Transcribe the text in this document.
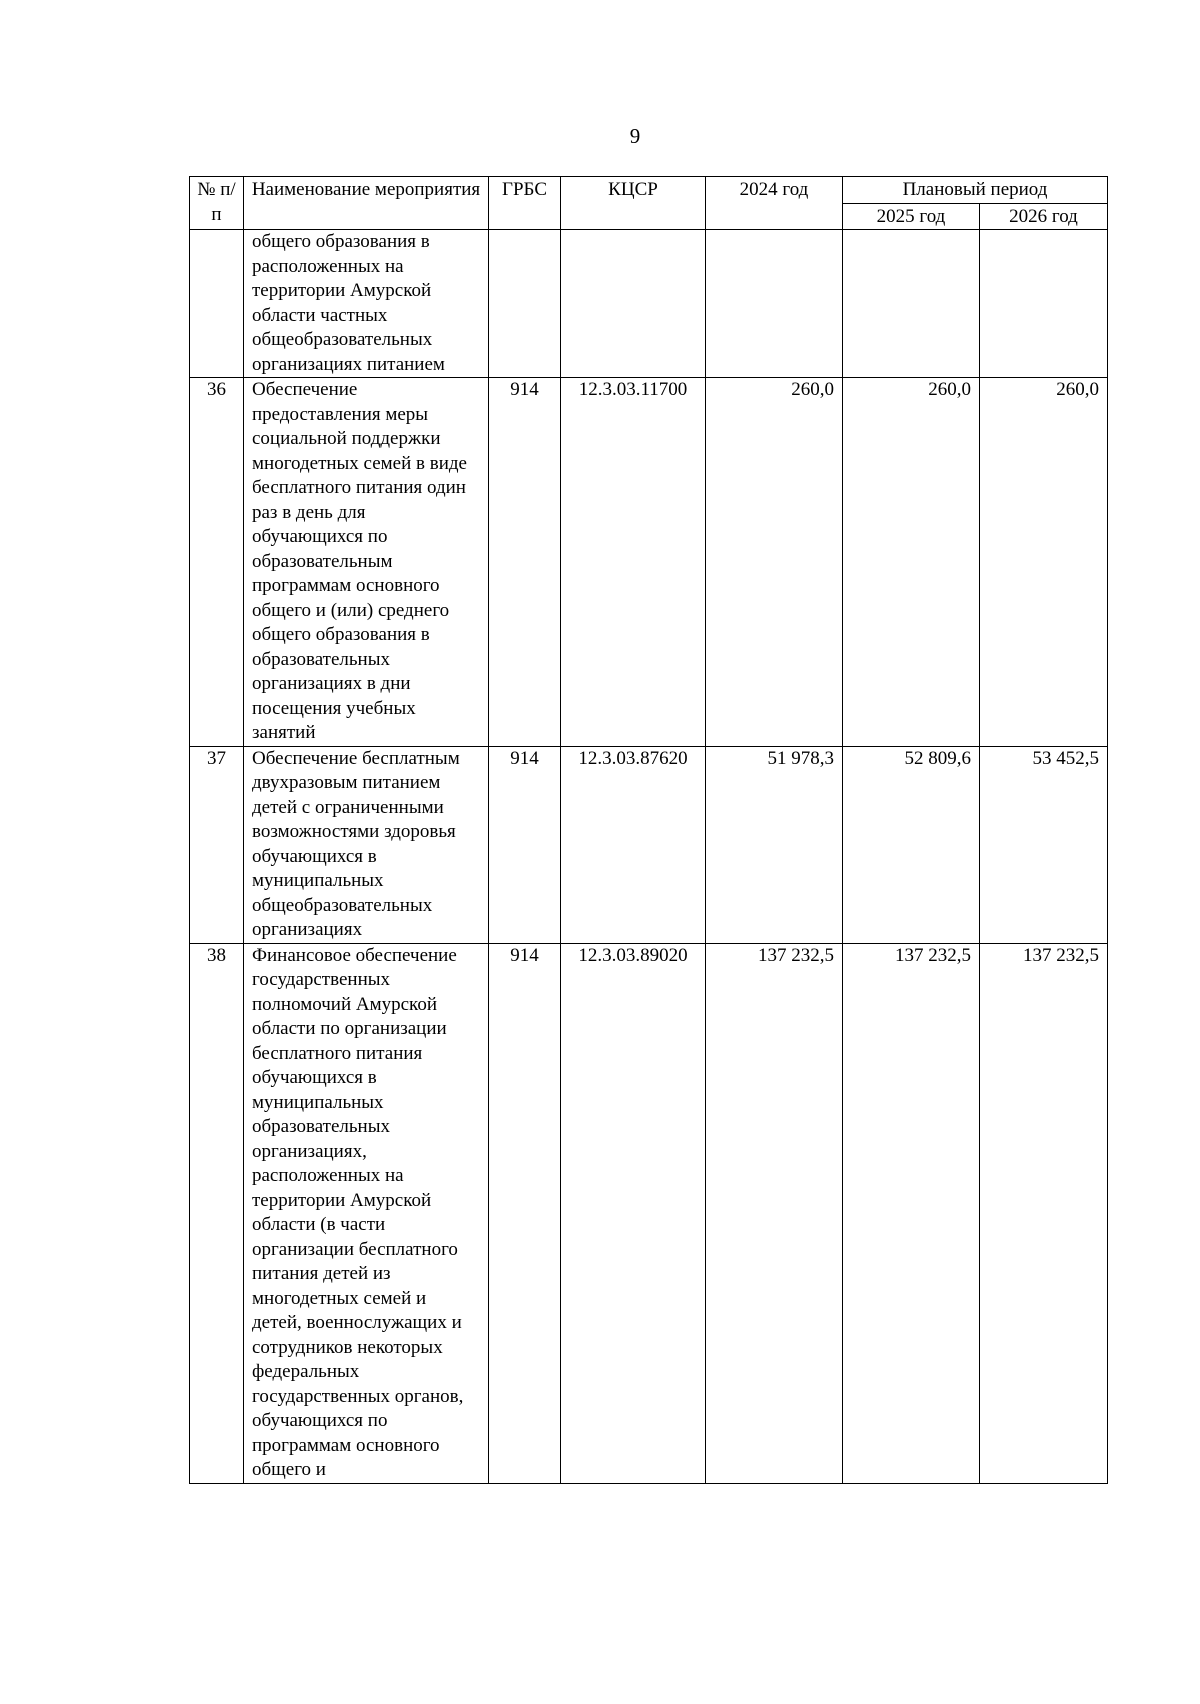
9
№ п/п	Наименование мероприятия	ГРБС	КЦСР	2024 год	Плановый период	
					2025 год	2026 год
	общего образования в расположенных на территории Амурской области частных общеобразовательных организациях питанием					
36	Обеспечение предоставления меры социальной поддержки многодетных семей в виде бесплатного питания один раз в день для обучающихся по образовательным программам основного общего и (или) среднего общего образования в образовательных организациях в дни посещения учебных занятий	914	12.3.03.11700	260,0	260,0	260,0
37	Обеспечение бесплатным двухразовым питанием детей с ограниченными возможностями здоровья обучающихся в муниципальных общеобразовательных организациях	914	12.3.03.87620	51 978,3	52 809,6	53 452,5
38	Финансовое обеспечение государственных полномочий Амурской области по организации бесплатного питания обучающихся в муниципальных образовательных организациях, расположенных на территории Амурской области (в части организации бесплатного питания детей из многодетных семей и детей, военнослужащих и сотрудников некоторых федеральных государственных органов, обучающихся по программам основного общего и	914	12.3.03.89020	137 232,5	137 232,5	137 232,5
